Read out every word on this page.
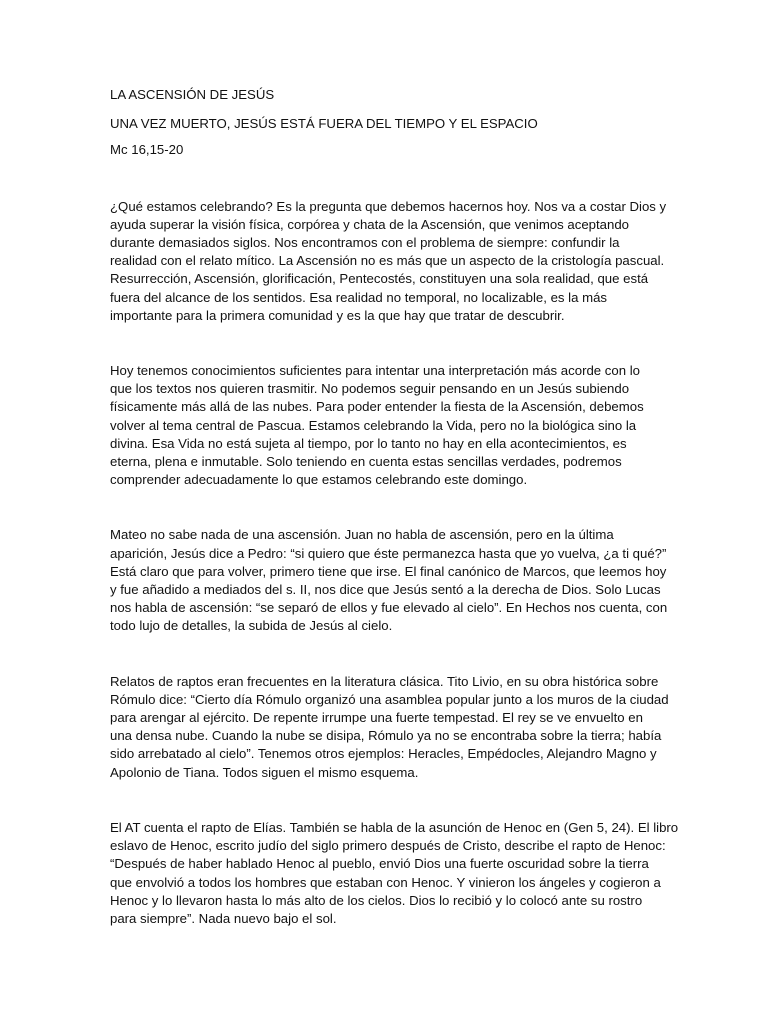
LA ASCENSIÓN DE JESÚS
UNA VEZ MUERTO, JESÚS ESTÁ FUERA DEL TIEMPO Y EL ESPACIO

Mc 16,15-20

¿Qué estamos celebrando? Es la pregunta que debemos hacernos hoy. Nos va a costar Dios y
ayuda superar la visión física, corpórea y chata de la Ascensión, que venimos aceptando
durante demasiados siglos. Nos encontramos con el problema de siempre: confundir la
realidad con el relato mítico. La Ascensión no es más que un aspecto de la cristología pascual.
Resurrección, Ascensión, glorificación, Pentecostés, constituyen una sola realidad, que está
fuera del alcance de los sentidos. Esa realidad no temporal, no localizable, es la más
importante para la primera comunidad y es la que hay que tratar de descubrir.
Hoy tenemos conocimientos suficientes para intentar una interpretación más acorde con lo
que los textos nos quieren trasmitir. No podemos seguir pensando en un Jesús subiendo
físicamente más allá de las nubes. Para poder entender la fiesta de la Ascensión, debemos
volver al tema central de Pascua. Estamos celebrando la Vida, pero no la biológica sino la
divina. Esa Vida no está sujeta al tiempo, por lo tanto no hay en ella acontecimientos, es
eterna, plena e inmutable. Solo teniendo en cuenta estas sencillas verdades, podremos
comprender adecuadamente lo que estamos celebrando este domingo.
Mateo no sabe nada de una ascensión. Juan no habla de ascensión, pero en la última
aparición, Jesús dice a Pedro: “si quiero que éste permanezca hasta que yo vuelva, ¿a ti qué?”
Está claro que para volver, primero tiene que irse. El final canónico de Marcos, que leemos hoy
y fue añadido a mediados del s. II, nos dice que Jesús sentó a la derecha de Dios. Solo Lucas
nos habla de ascensión: “se separó de ellos y fue elevado al cielo”. En Hechos nos cuenta, con
todo lujo de detalles, la subida de Jesús al cielo.
Relatos de raptos eran frecuentes en la literatura clásica. Tito Livio, en su obra histórica sobre
Rómulo dice: “Cierto día Rómulo organizó una asamblea popular junto a los muros de la ciudad
para arengar al ejército. De repente irrumpe una fuerte tempestad. El rey se ve envuelto en
una densa nube. Cuando la nube se disipa, Rómulo ya no se encontraba sobre la tierra; había
sido arrebatado al cielo”. Tenemos otros ejemplos: Heracles, Empédocles, Alejandro Magno y
Apolonio de Tiana. Todos siguen el mismo esquema.
El AT cuenta el rapto de Elías. También se habla de la asunción de Henoc en (Gen 5, 24). El libro
eslavo de Henoc, escrito judío del siglo primero después de Cristo, describe el rapto de Henoc:
“Después de haber hablado Henoc al pueblo, envió Dios una fuerte oscuridad sobre la tierra
que envolvió a todos los hombres que estaban con Henoc. Y vinieron los ángeles y cogieron a
Henoc y lo llevaron hasta lo más alto de los cielos. Dios lo recibió y lo colocó ante su rostro
para siempre”. Nada nuevo bajo el sol.
